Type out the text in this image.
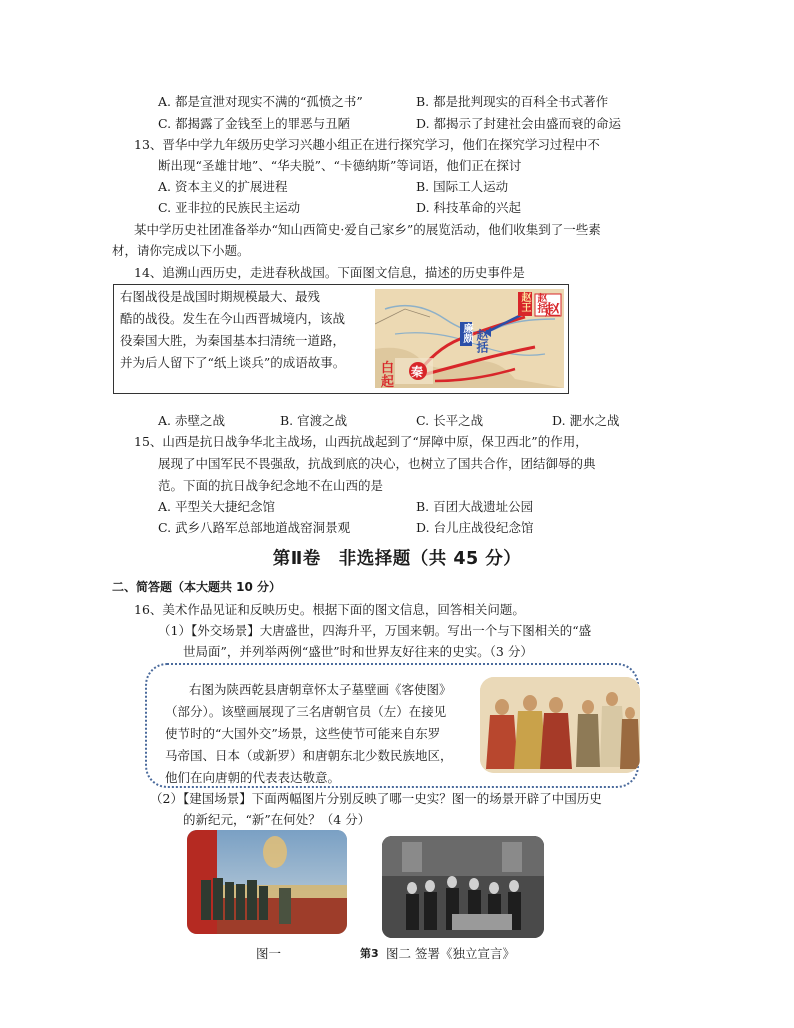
A. 都是宣泄对现实不满的“孤愤之书”	B. 都是批判现实的百科全书式著作
C. 都揭露了金钱至上的罪恶与丑陋	D. 都揭示了封建社会由盛而衰的命运
13、晋华中学九年级历史学习兴趣小组正在进行探究学习，他们在探究学习过程中不
断出现“圣雄甘地”、“华夫脱”、“卡德纳斯”等词语，他们正在探讨
A. 资本主义的扩展进程	B. 国际工人运动
C. 亚非拉的民族民主运动	D. 科技革命的兴起
某中学历史社团准备举办“知山西简史·爱自己家乡”的展览活动，他们收集到了一些素
材，请你完成以下小题。
14、追溯山西历史，走进春秋战国。下面图文信息，描述的历史事件是
右图战役是战国时期规模最大、最残
酷的战役。发生在今山西晋城境内，该战
役秦国大胜，为秦国基本扫清统一道路，
并为后人留下了“纸上谈兵”的成语故事。
赵王 赵括 赵
廉颇 赵括
白
起
秦
A. 赤壁之战	B. 官渡之战	C. 长平之战	D. 淝水之战
15、山西是抗日战争华北主战场，山西抗战起到了“屏障中原，保卫西北”的作用，
展现了中国军民不畏强敌，抗战到底的决心，也树立了国共合作，团结御辱的典
范。下面的抗日战争纪念地不在山西的是
A. 平型关大捷纪念馆	B. 百团大战遗址公园
C. 武乡八路军总部地道战窑洞景观	D. 台儿庄战役纪念馆
第Ⅱ卷　非选择题（共 45 分）
二、简答题（本大题共 10 分）
16、美术作品见证和反映历史。根据下面的图文信息，回答相关问题。
（1）【外交场景】大唐盛世，四海升平，万国来朝。写出一个与下图相关的“盛
世局面”，并列举两例“盛世”时和世界友好往来的史实。（3 分）
右图为陕西乾县唐朝章怀太子墓壁画《客使图》
（部分）。该壁画展现了三名唐朝官员（左）在接见
使节时的“大国外交”场景，这些使节可能来自东罗
马帝国、日本（或新罗）和唐朝东北少数民族地区，
他们在向唐朝的代表表达敬意。
（2）【建国场景】下面两幅图片分别反映了哪一史实？图一的场景开辟了中国历史
的新纪元，“新”在何处？（4 分）
图一	第3 图二 签署《独立宣言》
